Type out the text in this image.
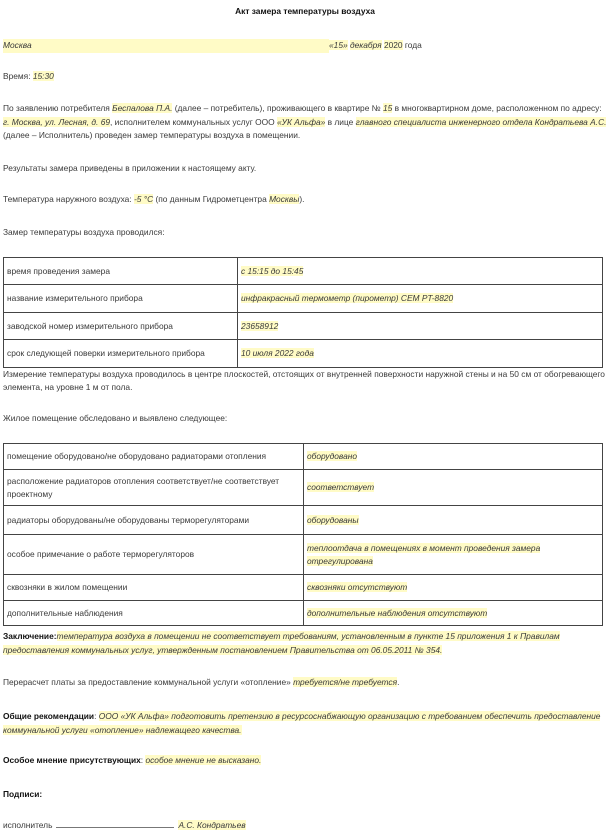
Акт замера температуры воздуха
Москва	«15» декабря 2020 года
Время: 15:30
По заявлению потребителя Беспалова П.А. (далее – потребитель), проживающего в квартире № 15 в многоквартирном доме, расположенном по адресу: г. Москва, ул. Лесная, д. 69, исполнителем коммунальных услуг ООО «УК Альфа» в лице главного специалиста инженерного отдела Кондратьева А.С. (далее – Исполнитель) проведен замер температуры воздуха в помещении.
Результаты замера приведены в приложении к настоящему акту.
Температура наружного воздуха: -5 °C (по данным Гидрометцентра Москвы).
Замер температуры воздуха проводился:
время проведения замера	с 15:15 до 15:45
название измерительного прибора	инфракрасный термометр (пирометр) CEM PT-8820
заводской номер измерительного прибора	23658912
срок следующей поверки измерительного прибора	10 июля 2022 года
Измерение температуры воздуха проводилось в центре плоскостей, отстоящих от внутренней поверхности наружной стены и на 50 см от обогревающего элемента, на уровне 1 м от пола.
Жилое помещение обследовано и выявлено следующее:
помещение оборудовано/не оборудовано радиаторами отопления	оборудовано
расположение радиаторов отопления соответствует/не соответствует проектному	соответствует
радиаторы оборудованы/не оборудованы терморегуляторами	оборудованы
особое примечание о работе терморегуляторов	теплоотдача в помещениях в момент проведения замера отрегулирована
сквозняки в жилом помещении	сквозняки отсутствуют
дополнительные наблюдения	дополнительные наблюдения отсутствуют
Заключение:температура воздуха в помещении не соответствует требованиям, установленным в пункте 15 приложения 1 к Правилам предоставления коммунальных услуг, утвержденным постановлением Правительства от 06.05.2011 № 354.
Перерасчет платы за предоставление коммунальной услуги «отопление» требуется/не требуется.
Общие рекомендации: ООО «УК Альфа» подготовить претензию в ресурсоснабжающую организацию с требованием обеспечить предоставление коммунальной услуги «отопление» надлежащего качества.
Особое мнение присутствующих: особое мнение не высказано.
Подписи:
исполнитель	А.С. Кондратьев
